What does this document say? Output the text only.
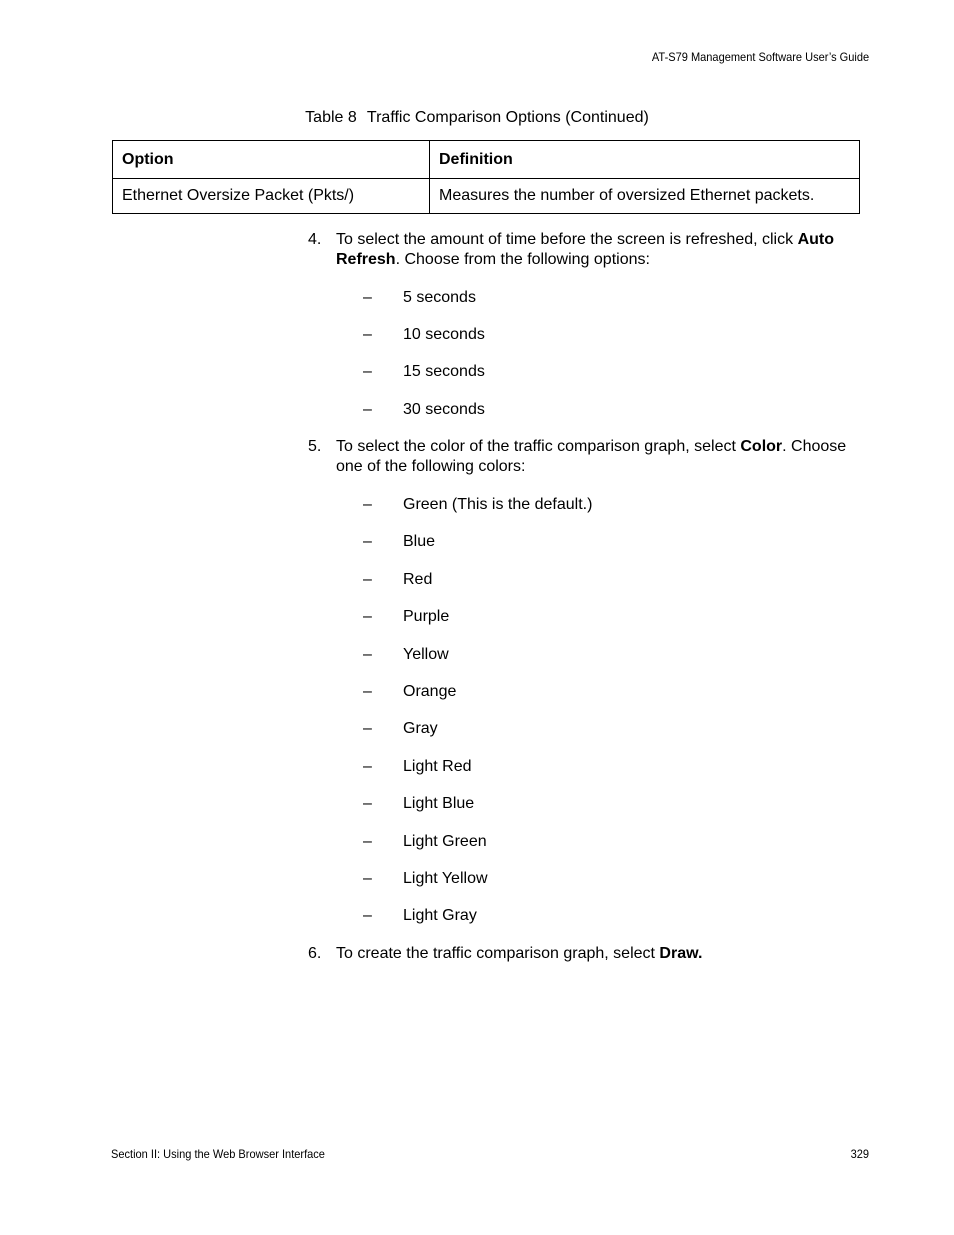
AT-S79 Management Software User’s Guide
Table 8 Traffic Comparison Options (Continued)
Option	Definition
Ethernet Oversize Packet (Pkts/)	Measures the number of oversized Ethernet packets.
4. To select the amount of time before the screen is refreshed, click Auto Refresh. Choose from the following options:
– 5 seconds
– 10 seconds
– 15 seconds
– 30 seconds
5. To select the color of the traffic comparison graph, select Color. Choose one of the following colors:
– Green (This is the default.)
– Blue
– Red
– Purple
– Yellow
– Orange
– Gray
– Light Red
– Light Blue
– Light Green
– Light Yellow
– Light Gray
6. To create the traffic comparison graph, select Draw.
Section II: Using the Web Browser Interface	329
